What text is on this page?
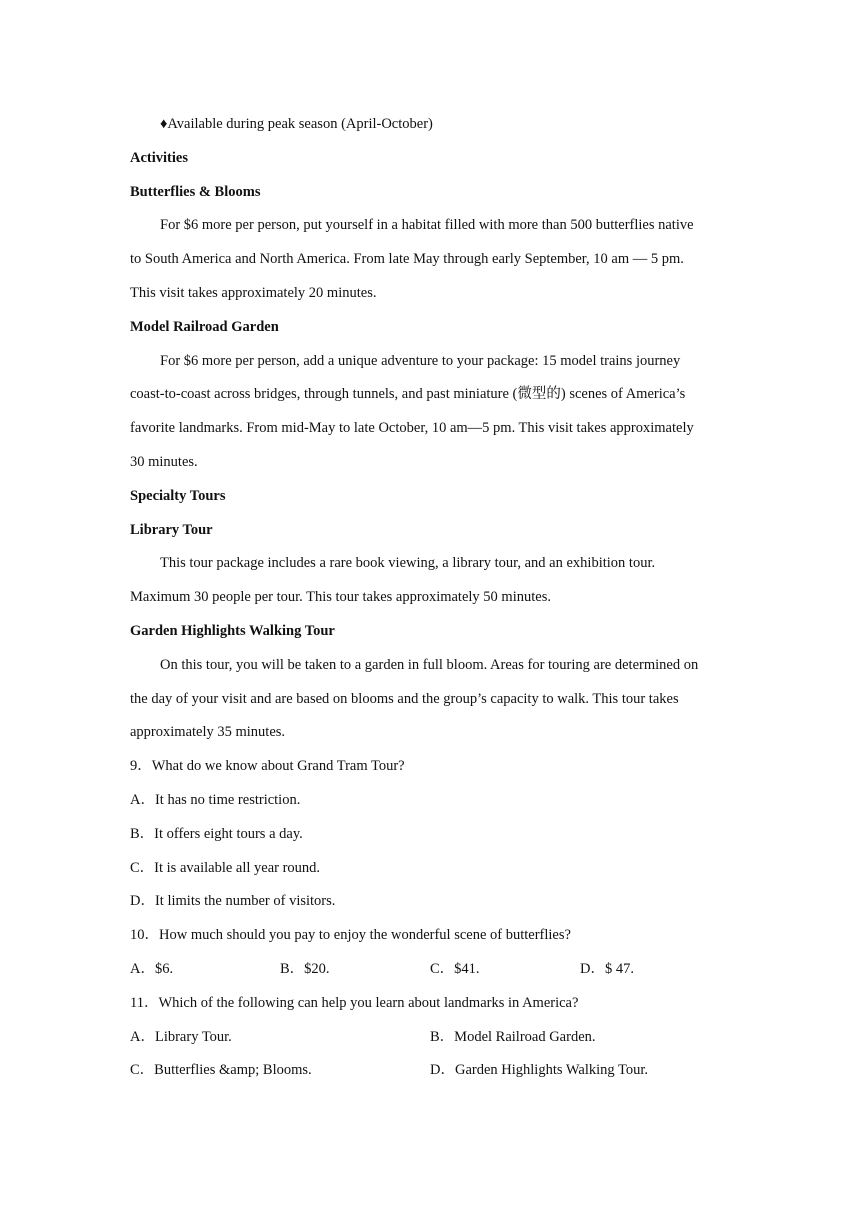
♦Available during peak season (April-October)
Activities
Butterflies & Blooms
For $6 more per person, put yourself in a habitat filled with more than 500 butterflies native
to South America and North America. From late May through early September, 10 am — 5 pm.
This visit takes approximately 20 minutes.
Model Railroad Garden
For $6 more per person, add a unique adventure to your package: 15 model trains journey
coast-to-coast across bridges, through tunnels, and past miniature (微型的) scenes of America’s
favorite landmarks. From mid-May to late October, 10 am—5 pm. This visit takes approximately
30 minutes.
Specialty Tours
Library Tour
This tour package includes a rare book viewing, a library tour, and an exhibition tour.
Maximum 30 people per tour. This tour takes approximately 50 minutes.
Garden Highlights Walking Tour
On this tour, you will be taken to a garden in full bloom. Areas for touring are determined on
the day of your visit and are based on blooms and the group’s capacity to walk. This tour takes
approximately 35 minutes.
9．What do we know about Grand Tram Tour?
A．It has no time restriction.
B．It offers eight tours a day.
C．It is available all year round.
D．It limits the number of visitors.
10．How much should you pay to enjoy the wonderful scene of butterflies?
A．$6.	B．$20.	C．$41.	D．$ 47.
11．Which of the following can help you learn about landmarks in America?
A．Library Tour.	B．Model Railroad Garden.
C．Butterflies &amp; Blooms.	D．Garden Highlights Walking Tour.
